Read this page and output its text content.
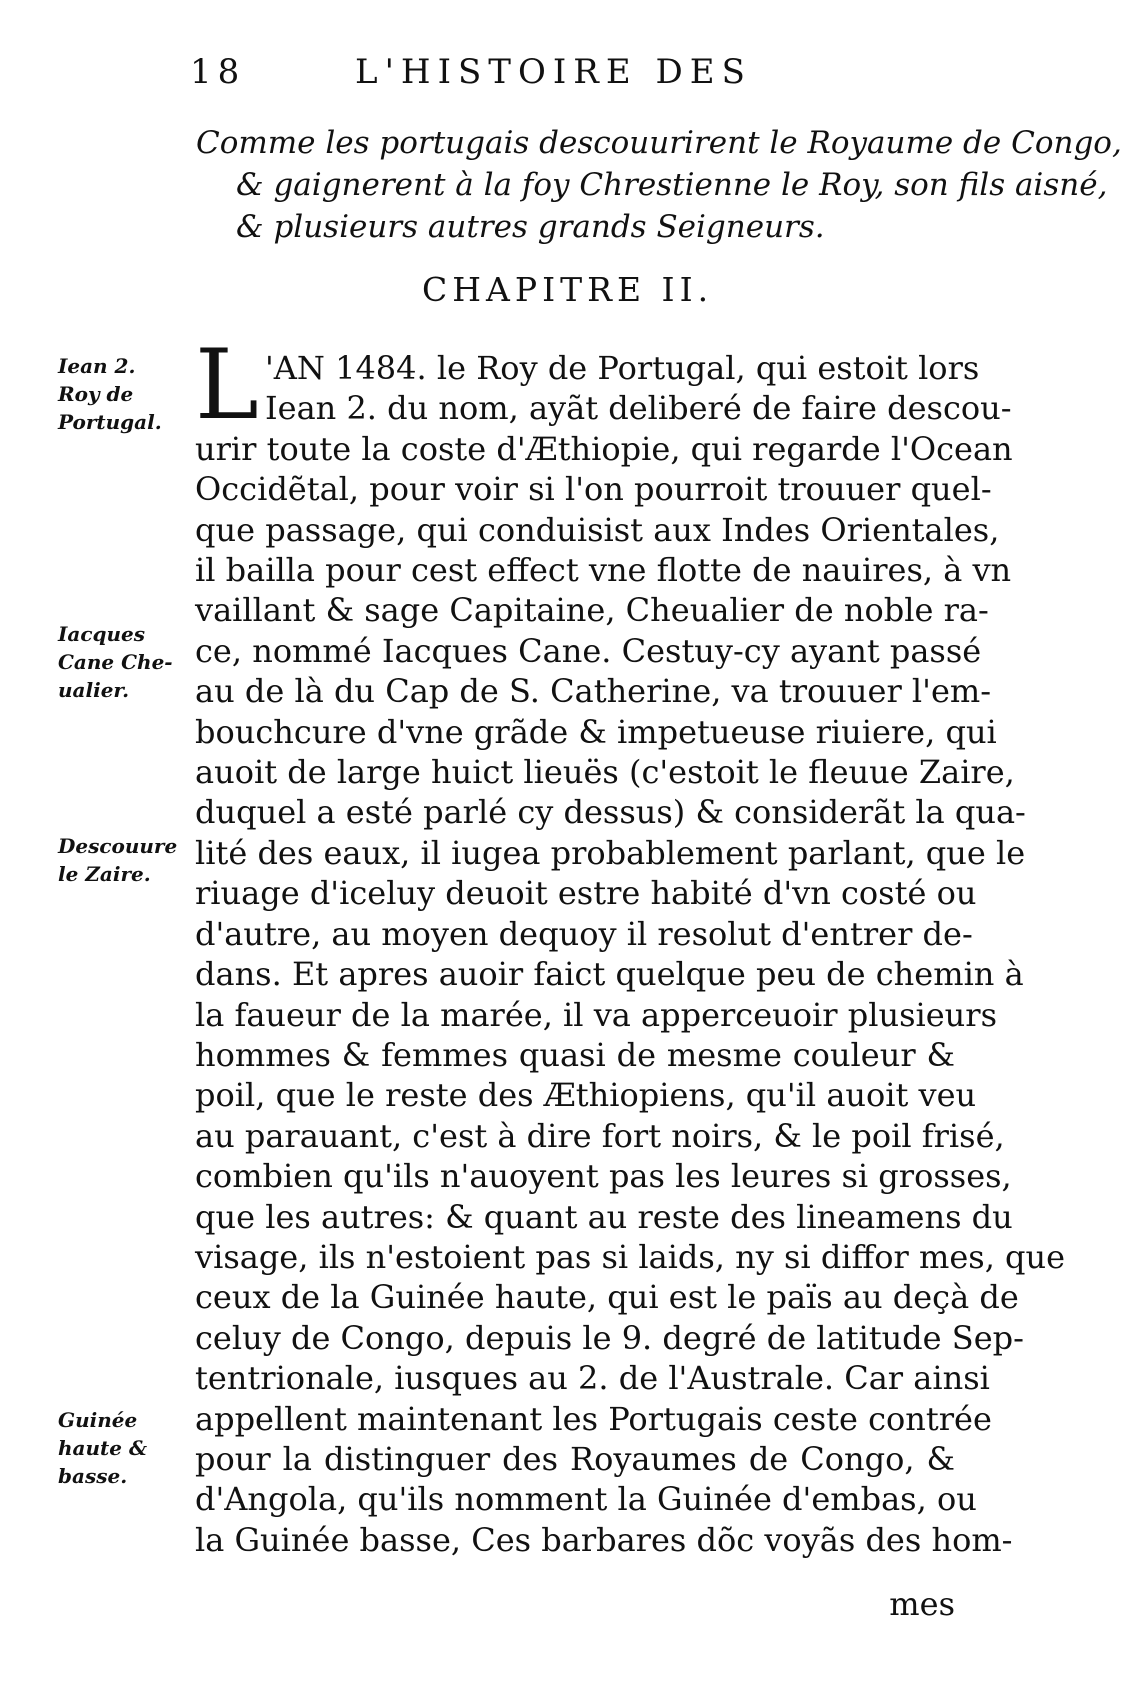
18	L'HISTOIRE DES
Comme les portugais descouurirent le Royaume de Congo,
& gaignerent à la foy Chrestienne le Roy, son fils aisné,
& plusieurs autres grands Seigneurs.
CHAPITRE II.
Iean 2.
Roy de
Portugal.
Iacques
Cane Che-
ualier.
Descouure
le Zaire.
Guinée
haute &
basse.
L 'AN 1484. le Roy de Portugal, qui estoit lors
Iean 2. du nom, ayãt deliberé de faire descou-
urir toute la coste d'Æthiopie, qui regarde l'Ocean
Occidẽtal, pour voir si l'on pourroit trouuer quel-
que passage, qui conduisist aux Indes Orientales,
il bailla pour cest effect vne flotte de nauires, à vn
vaillant & sage Capitaine, Cheualier de noble ra-
ce, nommé Iacques Cane. Cestuy-cy ayant passé
au de là du Cap de S. Catherine, va trouuer l'em-
bouchcure d'vne grãde & impetueuse riuiere, qui
auoit de large huict lieuës (c'estoit le fleuue Zaire,
duquel a esté parlé cy dessus) & considerãt la qua-
lité des eaux, il iugea probablement parlant, que le
riuage d'iceluy deuoit estre habité d'vn costé ou
d'autre, au moyen dequoy il resolut d'entrer de-
dans. Et apres auoir faict quelque peu de chemin à
la faueur de la marée, il va apperceuoir plusieurs
hommes & femmes quasi de mesme couleur &
poil, que le reste des Æthiopiens, qu'il auoit veu
au parauant, c'est à dire fort noirs, & le poil frisé,
combien qu'ils n'auoyent pas les leures si grosses,
que les autres: & quant au reste des lineamens du
visage, ils n'estoient pas si laids, ny si diffor mes, que
ceux de la Guinée haute, qui est le païs au deçà de
celuy de Congo, depuis le 9. degré de latitude Sep-
tentrionale, iusques au 2. de l'Australe. Car ainsi
appellent maintenant les Portugais ceste contrée
pour la distinguer des Royaumes de Congo, &
d'Angola, qu'ils nomment la Guinée d'embas, ou
la Guinée basse, Ces barbares dõc voyãs des hom-
mes
